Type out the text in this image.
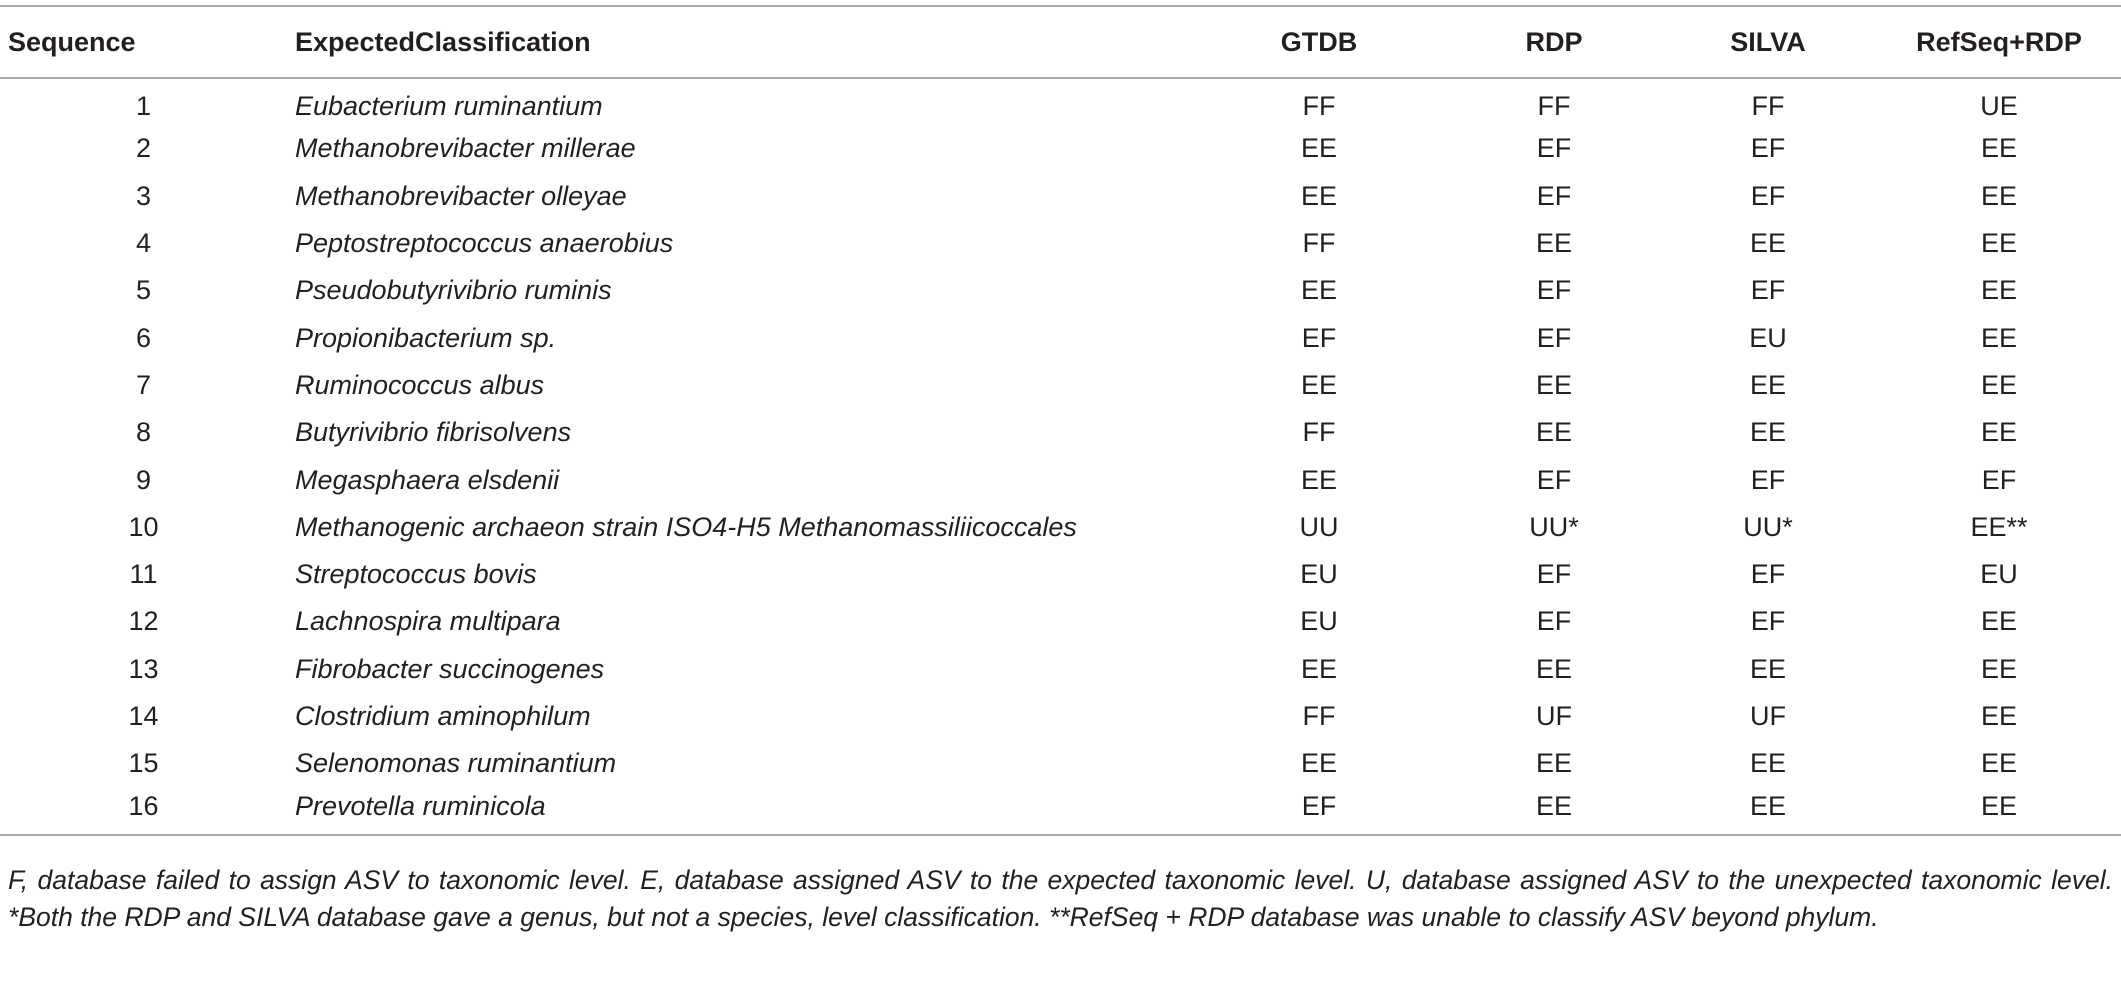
Sequence	ExpectedClassification	GTDB	RDP	SILVA	RefSeq+RDP
1	Eubacterium ruminantium	FF	FF	FF	UE
2	Methanobrevibacter millerae	EE	EF	EF	EE
3	Methanobrevibacter olleyae	EE	EF	EF	EE
4	Peptostreptococcus anaerobius	FF	EE	EE	EE
5	Pseudobutyrivibrio ruminis	EE	EF	EF	EE
6	Propionibacterium sp.	EF	EF	EU	EE
7	Ruminococcus albus	EE	EE	EE	EE
8	Butyrivibrio fibrisolvens	FF	EE	EE	EE
9	Megasphaera elsdenii	EE	EF	EF	EF
10	Methanogenic archaeon strain ISO4-H5 Methanomassiliicoccales	UU	UU*	UU*	EE**
11	Streptococcus bovis	EU	EF	EF	EU
12	Lachnospira multipara	EU	EF	EF	EE
13	Fibrobacter succinogenes	EE	EE	EE	EE
14	Clostridium aminophilum	FF	UF	UF	EE
15	Selenomonas ruminantium	EE	EE	EE	EE
16	Prevotella ruminicola	EF	EE	EE	EE
F, database failed to assign ASV to taxonomic level. E, database assigned ASV to the expected taxonomic level. U, database assigned ASV to the unexpected taxonomic level. *Both the RDP and SILVA database gave a genus, but not a species, level classification. **RefSeq + RDP database was unable to classify ASV beyond phylum.
